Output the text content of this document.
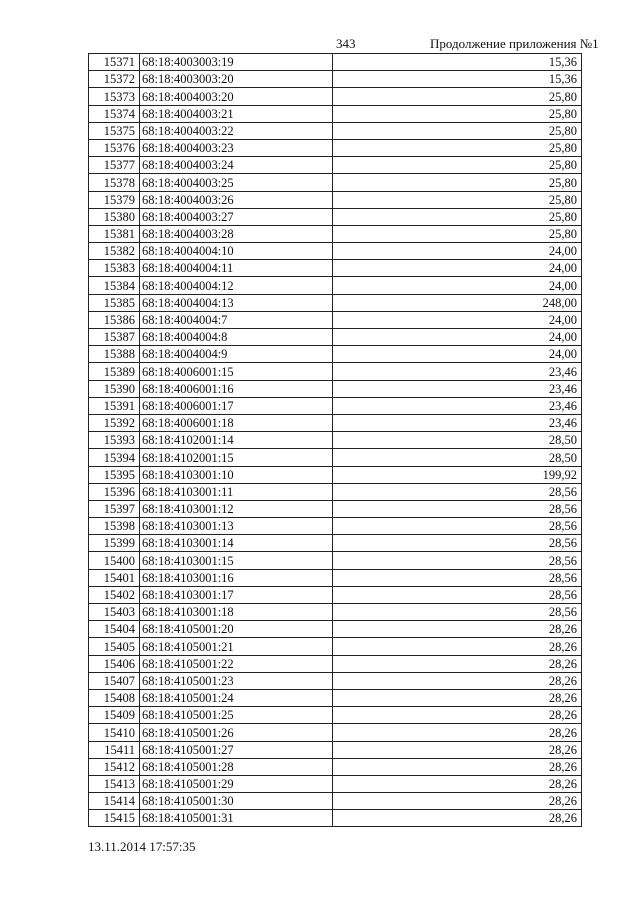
343	Продолжение приложения №1
15371	68:18:4003003:19	15,36
15372	68:18:4003003:20	15,36
15373	68:18:4004003:20	25,80
15374	68:18:4004003:21	25,80
15375	68:18:4004003:22	25,80
15376	68:18:4004003:23	25,80
15377	68:18:4004003:24	25,80
15378	68:18:4004003:25	25,80
15379	68:18:4004003:26	25,80
15380	68:18:4004003:27	25,80
15381	68:18:4004003:28	25,80
15382	68:18:4004004:10	24,00
15383	68:18:4004004:11	24,00
15384	68:18:4004004:12	24,00
15385	68:18:4004004:13	248,00
15386	68:18:4004004:7	24,00
15387	68:18:4004004:8	24,00
15388	68:18:4004004:9	24,00
15389	68:18:4006001:15	23,46
15390	68:18:4006001:16	23,46
15391	68:18:4006001:17	23,46
15392	68:18:4006001:18	23,46
15393	68:18:4102001:14	28,50
15394	68:18:4102001:15	28,50
15395	68:18:4103001:10	199,92
15396	68:18:4103001:11	28,56
15397	68:18:4103001:12	28,56
15398	68:18:4103001:13	28,56
15399	68:18:4103001:14	28,56
15400	68:18:4103001:15	28,56
15401	68:18:4103001:16	28,56
15402	68:18:4103001:17	28,56
15403	68:18:4103001:18	28,56
15404	68:18:4105001:20	28,26
15405	68:18:4105001:21	28,26
15406	68:18:4105001:22	28,26
15407	68:18:4105001:23	28,26
15408	68:18:4105001:24	28,26
15409	68:18:4105001:25	28,26
15410	68:18:4105001:26	28,26
15411	68:18:4105001:27	28,26
15412	68:18:4105001:28	28,26
15413	68:18:4105001:29	28,26
15414	68:18:4105001:30	28,26
15415	68:18:4105001:31	28,26
13.11.2014 17:57:35
